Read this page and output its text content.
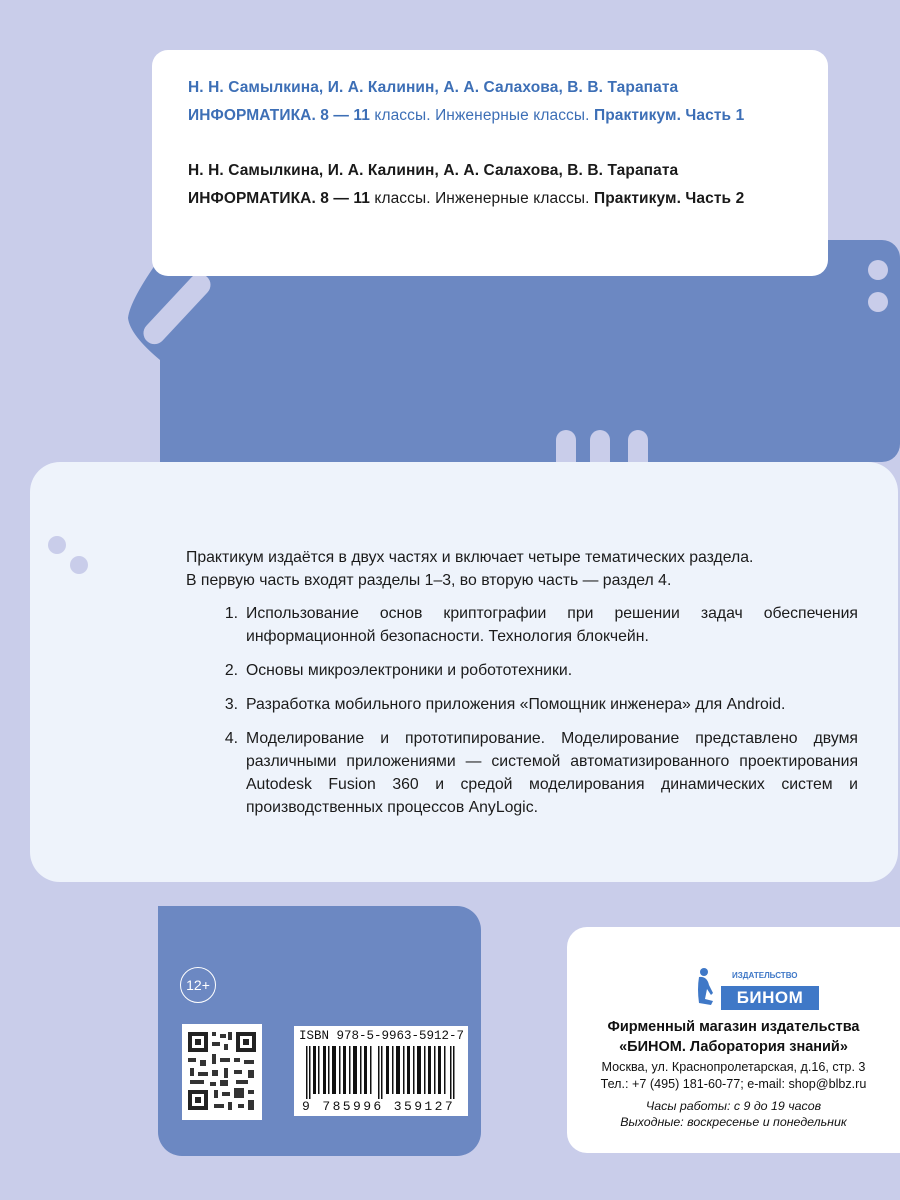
Н. Н. Самылкина, И. А. Калинин, А. А. Салахова, В. В. Тарапата
ИНФОРМАТИКА. 8 — 11 классы. Инженерные классы. Практикум. Часть 1
Н. Н. Самылкина, И. А. Калинин, А. А. Салахова, В. В. Тарапата
ИНФОРМАТИКА. 8 — 11 классы. Инженерные классы. Практикум. Часть 2

Практикум издаётся в двух частях и включает четыре тематических раздела.

В первую часть входят разделы 1–3, во вторую часть — раздел 4.

1. Использование основ криптографии при решении задач обеспечения информационной безопасности. Технология блокчейн.
2. Основы микроэлектроники и робототехники.
3. Разработка мобильного приложения «Помощник инженера» для Android.
4. Моделирование и прототипирование. Моделирование представлено двумя различными приложениями — системой автоматизированного проектирования Autodesk Fusion 360 и средой моделирования динамических систем и производственных процессов AnyLogic.
12+
ISBN 978-5-9963-5912-7
9 785996 359127
ИЗДАТЕЛЬСТВО
БИНОМ
Фирменный магазин издательства
«БИНОМ. Лаборатория знаний»
Москва, ул. Краснопролетарская, д.16, стр. 3
Тел.: +7 (495) 181-60-77; e-mail: shop@blbz.ru
Часы работы: с 9 до 19 часов
Выходные: воскресенье и понедельник
